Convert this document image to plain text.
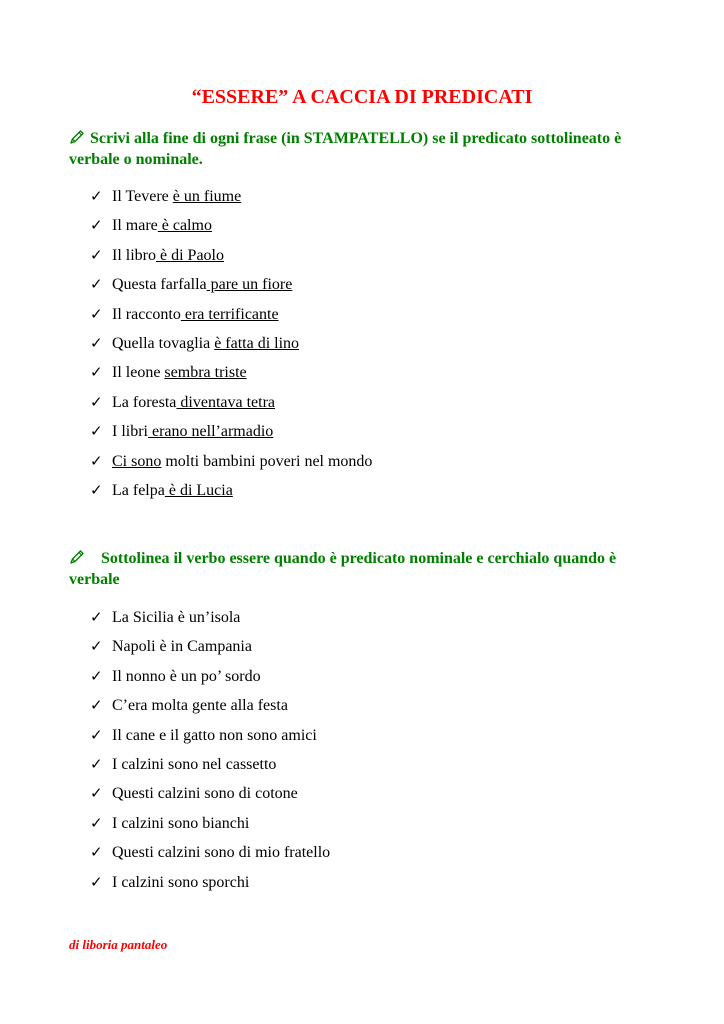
“ESSERE” A CACCIA DI PREDICATI
Scrivi alla fine di ogni frase (in STAMPATELLO) se il predicato sottolineato è verbale o nominale.
✓ Il Tevere è un fiume
✓ Il mare è calmo
✓ Il libro è di Paolo
✓ Questa farfalla pare un fiore
✓ Il racconto era terrificante
✓ Quella tovaglia è fatta di lino
✓ Il leone sembra triste
✓ La foresta diventava tetra
✓ I libri erano nell’armadio
✓ Ci sono molti bambini poveri nel mondo
✓ La felpa è di Lucia
Sottolinea il verbo essere quando è predicato nominale e cerchialo quando è verbale
✓ La Sicilia è un’isola
✓ Napoli è in Campania
✓ Il nonno è un po’ sordo
✓ C’era molta gente alla festa
✓ Il cane e il gatto non sono amici
✓ I calzini sono nel cassetto
✓ Questi calzini sono di cotone
✓ I calzini sono bianchi
✓ Questi calzini sono di mio fratello
✓ I calzini sono sporchi
di liboria pantaleo
